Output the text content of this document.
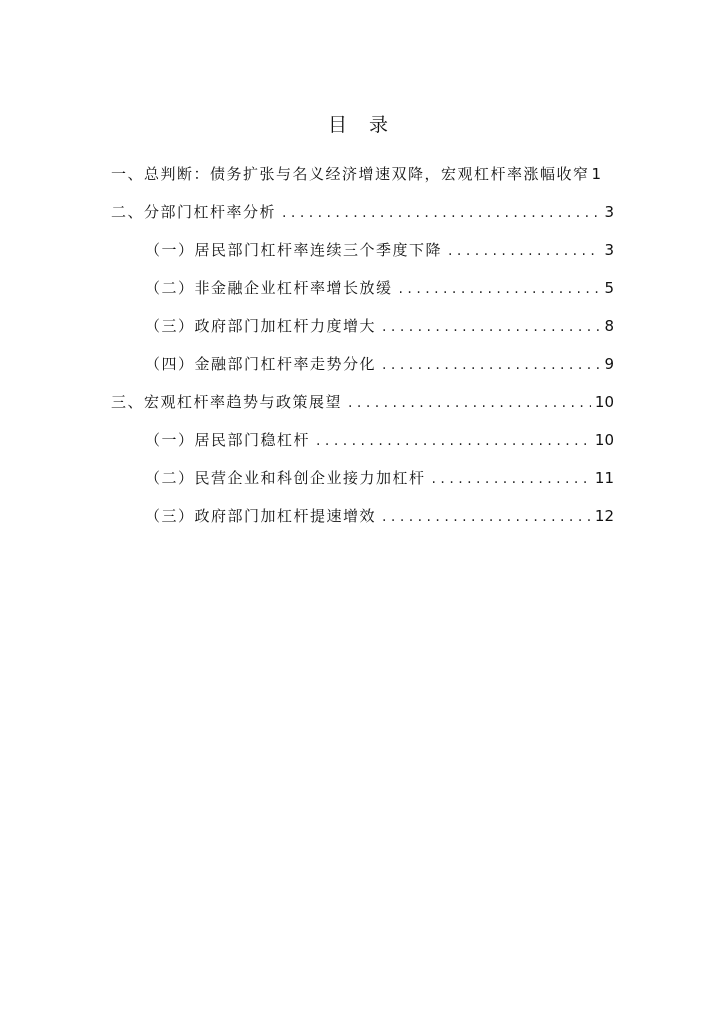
目 录
一、总判断：债务扩张与名义经济增速双降，宏观杠杆率涨幅收窄 1
二、分部门杠杆率分析 . . .	3
（一）居民部门杠杆率连续三个季度下降 . . .	3
（二）非金融企业杠杆率增长放缓 . . .	5
（三）政府部门加杠杆力度增大 . . .	8
（四）金融部门杠杆率走势分化 . . .	9
三、宏观杠杆率趋势与政策展望 . . .	10
（一）居民部门稳杠杆 . . .	10
（二）民营企业和科创企业接力加杠杆 . . .	11
（三）政府部门加杠杆提速增效 . . .	12
